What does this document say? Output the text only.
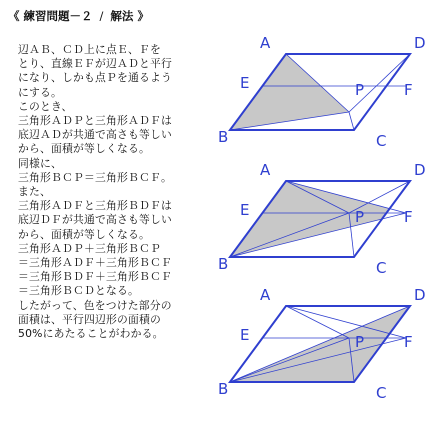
《 練習問題－２ / 解法 》

辺ＡＢ、ＣＤ上に点Ｅ、Ｆを

とり、直線ＥＦが辺ＡＤと平行

になり、しかも点Ｐを通るよう

にする。

このとき、

三角形ＡＤＰと三角形ＡＤＦは

底辺ＡＤが共通で高さも等しい

から、面積が等しくなる。

同様に、

三角形ＢＣＰ＝三角形ＢＣＦ。

また、

三角形ＡＤＦと三角形ＢＤＦは

底辺ＤＦが共通で高さも等しい

から、面積が等しくなる。

三角形ＡＤＰ＋三角形ＢＣＰ

＝三角形ＡＤＦ＋三角形ＢＣＦ

＝三角形ＢＤＦ＋三角形ＢＣＦ

＝三角形ＢＣＤとなる。

したがって、色をつけた部分の

面積は、平行四辺形の面積の

50%にあたることがわかる。

A	D
E	F
P
B	C
A	D
E	F
P
B	C
A	D
E	F
P
B	C
